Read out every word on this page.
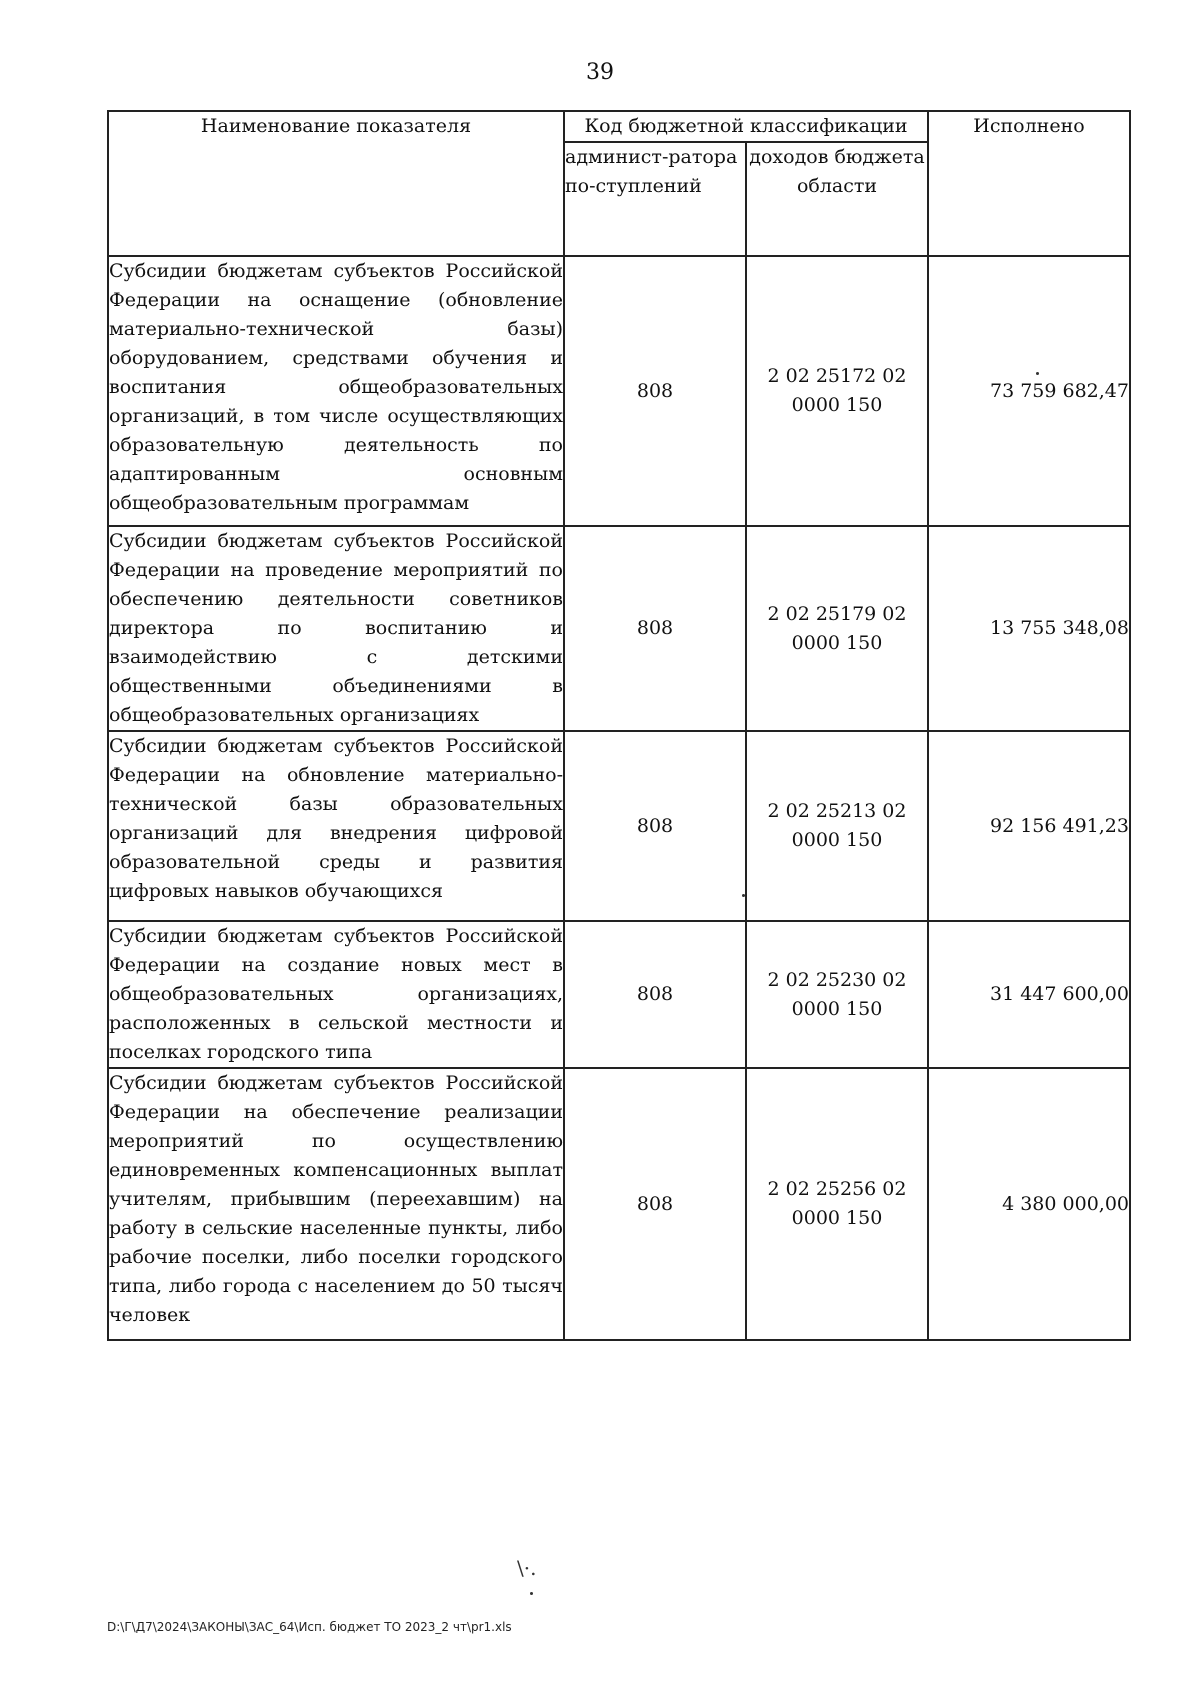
39
Наименование показателя	Код бюджетной классификации		Исполнено
	админист-ратора по-ступлений	доходов бюджета области	
Субсидии бюджетам субъектов Российской Федерации на оснащение (обновление материально-технической базы) оборудованием, средствами обучения и воспитания общеобразовательных организаций, в том числе осуществляющих образовательную деятельность по адаптированным основным общеобразовательным программам	808	2 02 25172 02 0000 150	73 759 682,47
Субсидии бюджетам субъектов Российской Федерации на проведение мероприятий по обеспечению деятельности советников директора по воспитанию и взаимодействию с детскими общественными объединениями в общеобразовательных организациях	808	2 02 25179 02 0000 150	13 755 348,08
Субсидии бюджетам субъектов Российской Федерации на обновление материально-технической базы образовательных организаций для внедрения цифровой образовательной среды и развития цифровых навыков обучающихся	808	2 02 25213 02 0000 150	92 156 491,23
Субсидии бюджетам субъектов Российской Федерации на создание новых мест в общеобразовательных организациях, расположенных в сельской местности и поселках городского типа	808	2 02 25230 02 0000 150	31 447 600,00
Субсидии бюджетам субъектов Российской Федерации на обеспечение реализации мероприятий по осуществлению единовременных компенсационных выплат учителям, прибывшим (переехавшим) на работу в сельские населенные пункты, либо рабочие поселки, либо поселки городского типа, либо города с населением до 50 тысяч человек	808	2 02 25256 02 0000 150	4 380 000,00
\·.
D:\Г\Д7\2024\ЗАКОНЫ\ЗАС_64\Исп. бюджет ТО 2023_2 чт\pr1.xls
